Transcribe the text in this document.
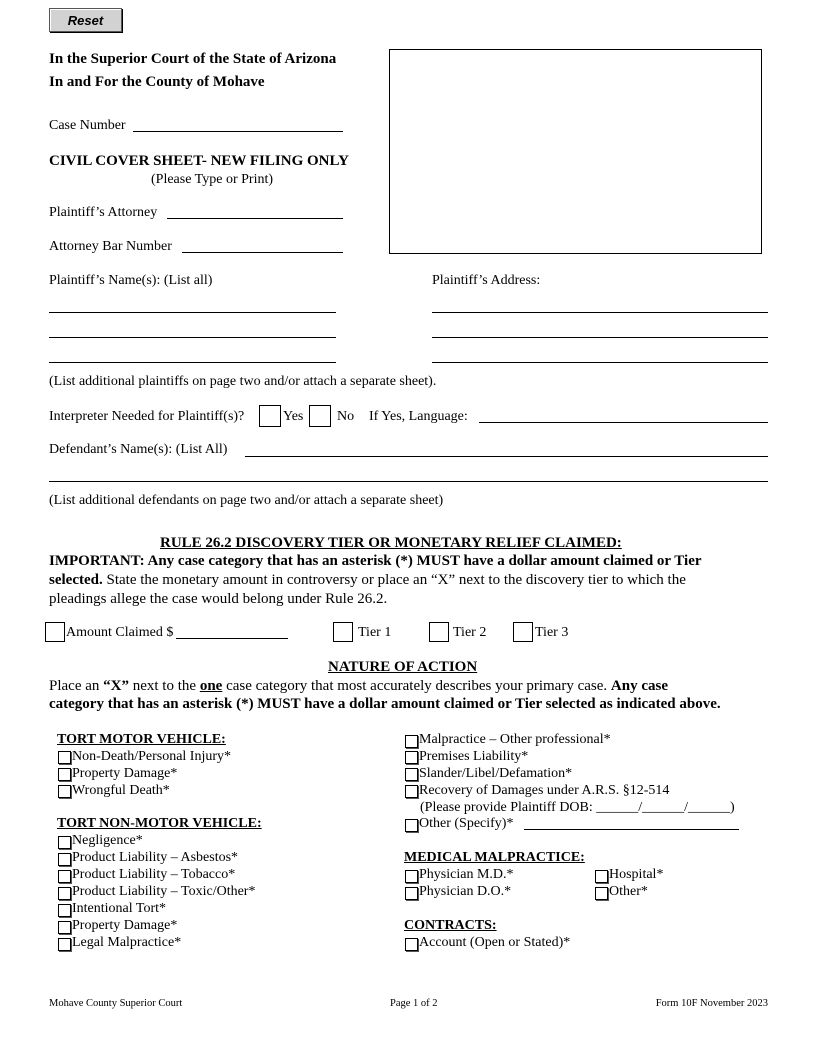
Reset
In the Superior Court of the State of Arizona
In and For the County of Mohave
Case Number
CIVIL COVER SHEET- NEW FILING ONLY
(Please Type or Print)
Plaintiff’s Attorney
Attorney Bar Number
Plaintiff’s Name(s): (List all)	Plaintiff’s Address:
(List additional plaintiffs on page two and/or attach a separate sheet).
Interpreter Needed for Plaintiff(s)?	Yes No If Yes, Language:
Defendant’s Name(s): (List All)
(List additional defendants on page two and/or attach a separate sheet)
RULE 26.2 DISCOVERY TIER OR MONETARY RELIEF CLAIMED:
IMPORTANT: Any case category that has an asterisk (*) MUST have a dollar amount claimed or Tier
selected. State the monetary amount in controversy or place an “X” next to the discovery tier to which the
pleadings allege the case would belong under Rule 26.2.
Amount Claimed $	Tier 1	Tier 2	Tier 3
NATURE OF ACTION
Place an “X” next to the one case category that most accurately describes your primary case. Any case
category that has an asterisk (*) MUST have a dollar amount claimed or Tier selected as indicated above.
TORT MOTOR VEHICLE:
Non-Death/Personal Injury*
Property Damage*
Wrongful Death*
TORT NON-MOTOR VEHICLE:
Negligence*
Product Liability – Asbestos*
Product Liability – Tobacco*
Product Liability – Toxic/Other*
Intentional Tort*
Property Damage*
Legal Malpractice*
Malpractice – Other professional*
Premises Liability*
Slander/Libel/Defamation*
Recovery of Damages under A.R.S. §12-514
(Please provide Plaintiff DOB: ______/______/______)
Other (Specify)*
MEDICAL MALPRACTICE:
Physician M.D.*	Hospital*
Physician D.O.*	Other*
CONTRACTS:
Account (Open or Stated)*
Mohave County Superior Court	Page 1 of 2	Form 10F November 2023
